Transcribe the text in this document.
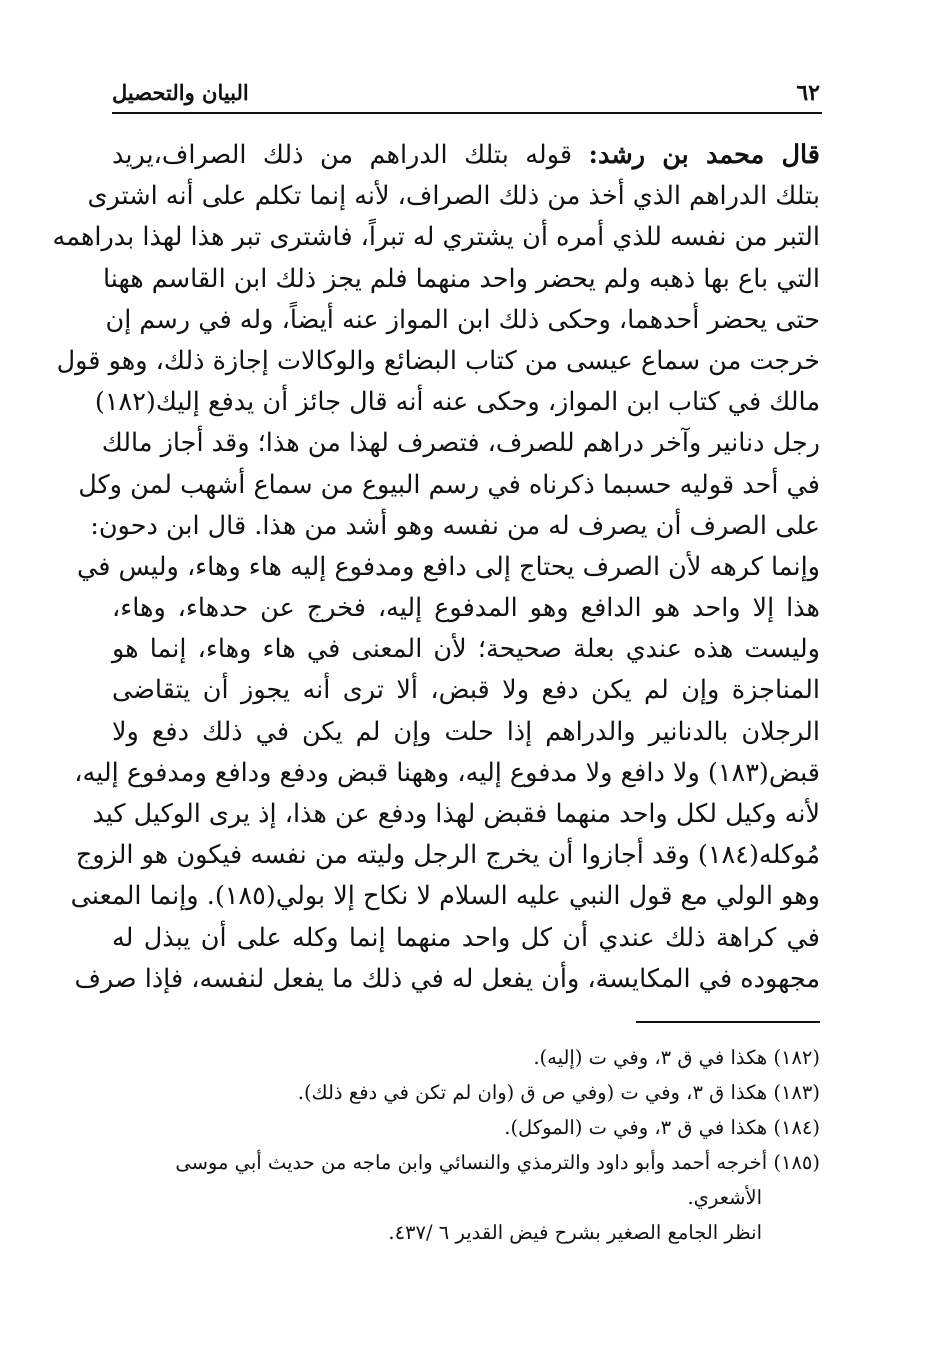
٦٢
البيان والتحصيل
قال محمد بن رشد: قوله بتلك الدراهم من ذلك الصراف،يريد
بتلك الدراهم الذي أخذ من ذلك الصراف، لأنه إنما تكلم على أنه اشترى
التبر من نفسه للذي أمره أن يشتري له تبراً، فاشترى تبر هذا لهذا بدراهمه
التي باع بها ذهبه ولم يحضر واحد منهما فلم يجز ذلك ابن القاسم ههنا
حتى يحضر أحدهما، وحكى ذلك ابن المواز عنه أيضاً، وله في رسم إن
خرجت من سماع عيسى من كتاب البضائع والوكالات إجازة ذلك، وهو قول
مالك في كتاب ابن المواز، وحكى عنه أنه قال جائز أن يدفع إليك(١٨٢)
رجل دنانير وآخر دراهم للصرف، فتصرف لهذا من هذا؛ وقد أجاز مالك
في أحد قوليه حسبما ذكرناه في رسم البيوع من سماع أشهب لمن وكل
على الصرف أن يصرف له من نفسه وهو أشد من هذا. قال ابن دحون:
وإنما كرهه لأن الصرف يحتاج إلى دافع ومدفوع إليه هاء وهاء، وليس في
هذا إلا واحد هو الدافع وهو المدفوع إليه، فخرج عن حدهاء، وهاء،
وليست هذه عندي بعلة صحيحة؛ لأن المعنى في هاء وهاء، إنما هو
المناجزة وإن لم يكن دفع ولا قبض، ألا ترى أنه يجوز أن يتقاضى
الرجلان بالدنانير والدراهم إذا حلت وإن لم يكن في ذلك دفع ولا
قبض(١٨٣) ولا دافع ولا مدفوع إليه، وههنا قبض ودفع ودافع ومدفوع إليه،
لأنه وكيل لكل واحد منهما فقبض لهذا ودفع عن هذا، إذ يرى الوكيل كيد
مُوكله(١٨٤) وقد أجازوا أن يخرج الرجل وليته من نفسه فيكون هو الزوج
وهو الولي مع قول النبي عليه السلام لا نكاح إلا بولي(١٨٥). وإنما المعنى
في كراهة ذلك عندي أن كل واحد منهما إنما وكله على أن يبذل له
مجهوده في المكايسة، وأن يفعل له في ذلك ما يفعل لنفسه، فإذا صرف
(١٨٢) هكذا في ق ٣، وفي ت (إليه).
(١٨٣) هكذا ق ٣، وفي ت (وفي ص ق (وان لم تكن في دفع ذلك).
(١٨٤) هكذا في ق ٣، وفي ت (الموكل).
(١٨٥) أخرجه أحمد وأبو داود والترمذي والنسائي وابن ماجه من حديث أبي موسى
الأشعري.
انظر الجامع الصغير بشرح فيض القدير ٦ /٤٣٧.
